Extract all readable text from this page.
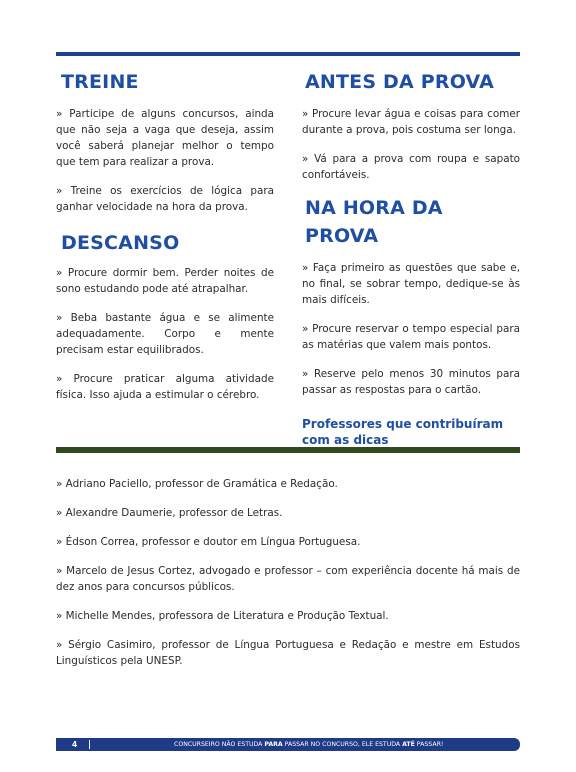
TREINE

» Participe de alguns concursos, ainda que não seja a vaga que deseja, assim você saberá planejar melhor o tempo que tem para realizar a prova.

» Treine os exercícios de lógica para ganhar velocidade na hora da prova.

DESCANSO

» Procure dormir bem. Perder noites de sono estudando pode até atrapalhar.

» Beba bastante água e se alimente adequadamente. Corpo e mente precisam estar equilibrados.

» Procure praticar alguma atividade física. Isso ajuda a estimular o cérebro.

ANTES DA PROVA

» Procure levar água e coisas para comer durante a prova, pois costuma ser longa.

» Vá para a prova com roupa e sapato confortáveis.

NA HORA DA PROVA

» Faça primeiro as questões que sabe e, no final, se sobrar tempo, dedique-se às mais difíceis.

» Procure reservar o tempo especial para as matérias que valem mais pontos.

» Reserve pelo menos 30 minutos para passar as respostas para o cartão.

Professores que contribuíram com as dicas

» Adriano Paciello, professor de Gramática e Redação.

» Alexandre Daumerie, professor de Letras.

» Édson Correa, professor e doutor em Língua Portuguesa.

» Marcelo de Jesus Cortez, advogado e professor – com experiência docente há mais de dez anos para concursos públicos.

» Michelle Mendes, professora de Literatura e Produção Textual.

» Sérgio Casimiro, professor de Língua Portuguesa e Redação e mestre em Estudos Linguísticos pela UNESP.

4	CONCURSEIRO NÃO ESTUDA PARA PASSAR NO CONCURSO, ELE ESTUDA ATÉ PASSAR!
